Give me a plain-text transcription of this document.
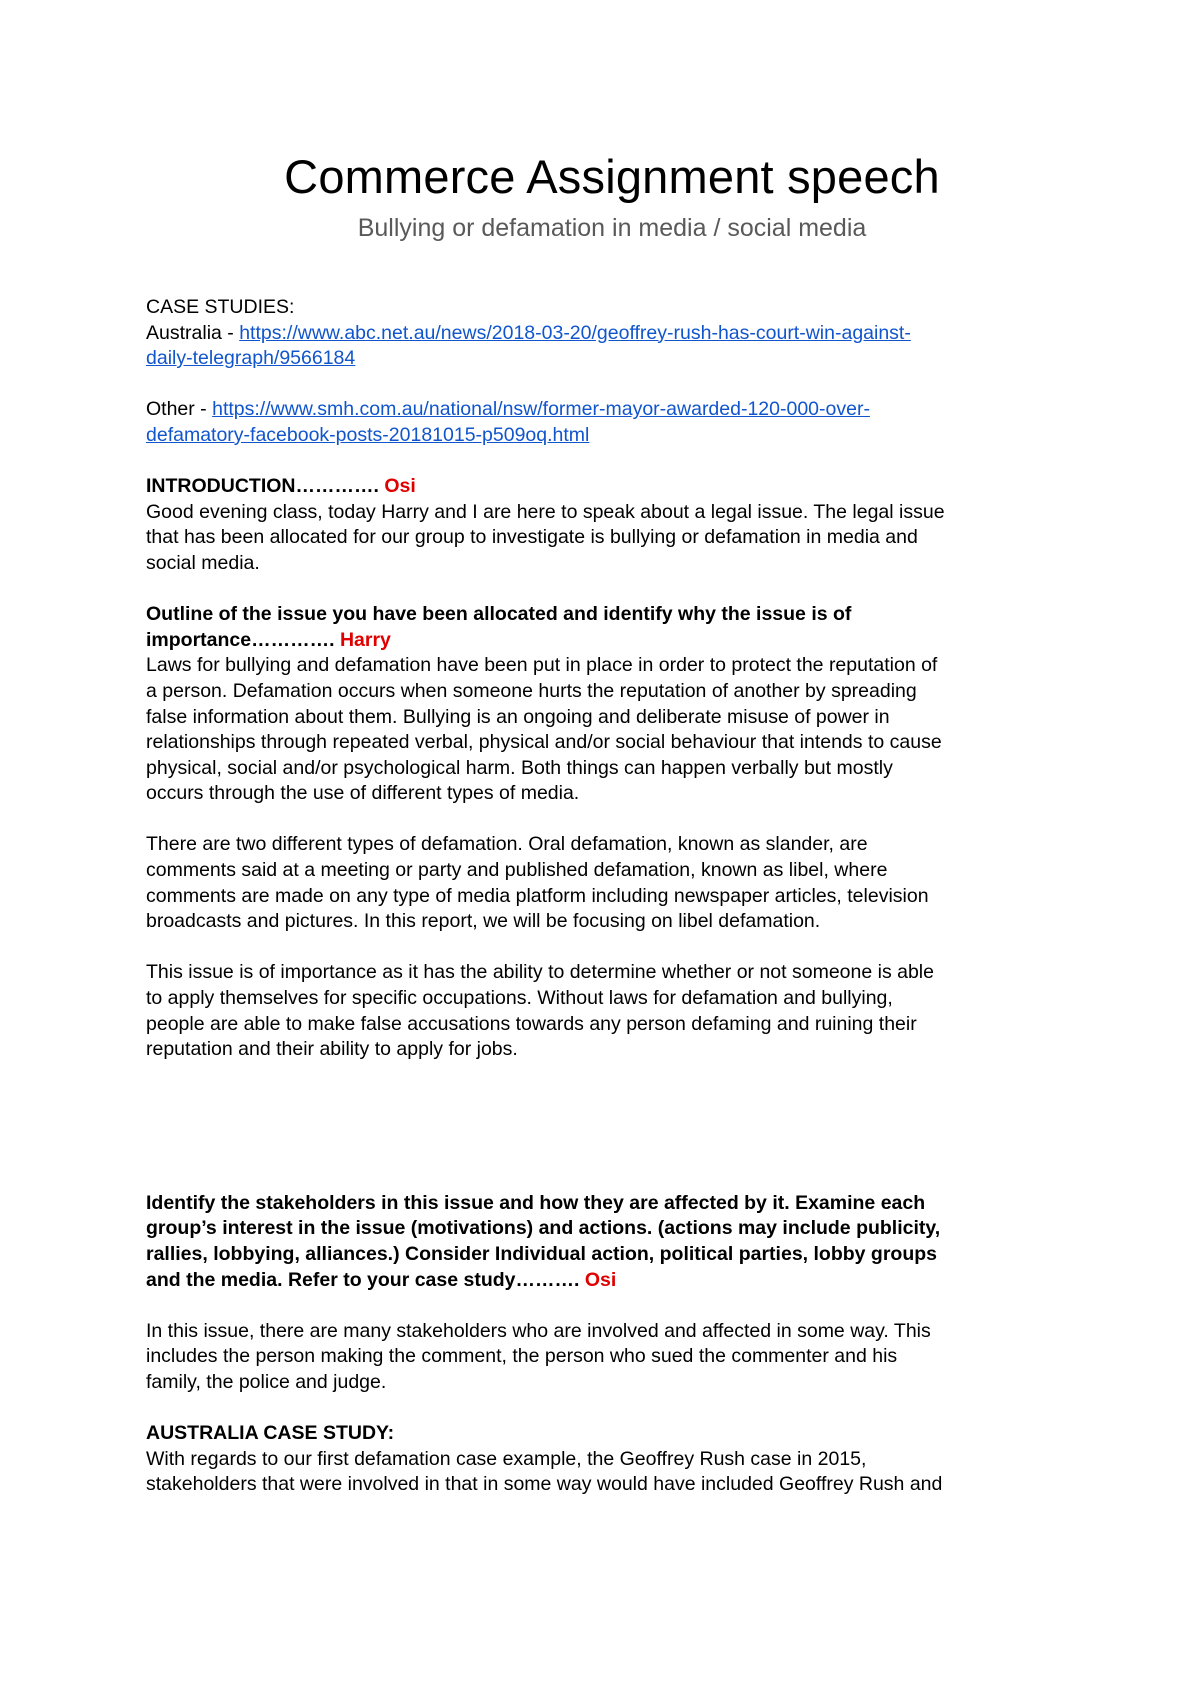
Commerce Assignment speech

Bullying or defamation in media / social media

CASE STUDIES:

Australia - https://www.abc.net.au/news/2018-03-20/geoffrey-rush-has-court-win-against-

daily-telegraph/9566184

Other - https://www.smh.com.au/national/nsw/former-mayor-awarded-120-000-over-

defamatory-facebook-posts-20181015-p509oq.html

INTRODUCTION…………. Osi

Good evening class, today Harry and I are here to speak about a legal issue. The legal issue

that has been allocated for our group to investigate is bullying or defamation in media and

social media.

Outline of the issue you have been allocated and identify why the issue is of

importance…………. Harry

Laws for bullying and defamation have been put in place in order to protect the reputation of

a person. Defamation occurs when someone hurts the reputation of another by spreading

false information about them. Bullying is an ongoing and deliberate misuse of power in

relationships through repeated verbal, physical and/or social behaviour that intends to cause

physical, social and/or psychological harm. Both things can happen verbally but mostly

occurs through the use of different types of media.

There are two different types of defamation. Oral defamation, known as slander, are

comments said at a meeting or party and published defamation, known as libel, where

comments are made on any type of media platform including newspaper articles, television

broadcasts and pictures. In this report, we will be focusing on libel defamation.

This issue is of importance as it has the ability to determine whether or not someone is able

to apply themselves for specific occupations. Without laws for defamation and bullying,

people are able to make false accusations towards any person defaming and ruining their

reputation and their ability to apply for jobs.

Identify the stakeholders in this issue and how they are affected by it. Examine each

group’s interest in the issue (motivations) and actions. (actions may include publicity,

rallies, lobbying, alliances.) Consider Individual action, political parties, lobby groups

and the media. Refer to your case study………. Osi

In this issue, there are many stakeholders who are involved and affected in some way. This

includes the person making the comment, the person who sued the commenter and his

family, the police and judge.

AUSTRALIA CASE STUDY:

With regards to our first defamation case example, the Geoffrey Rush case in 2015,

stakeholders that were involved in that in some way would have included Geoffrey Rush and
